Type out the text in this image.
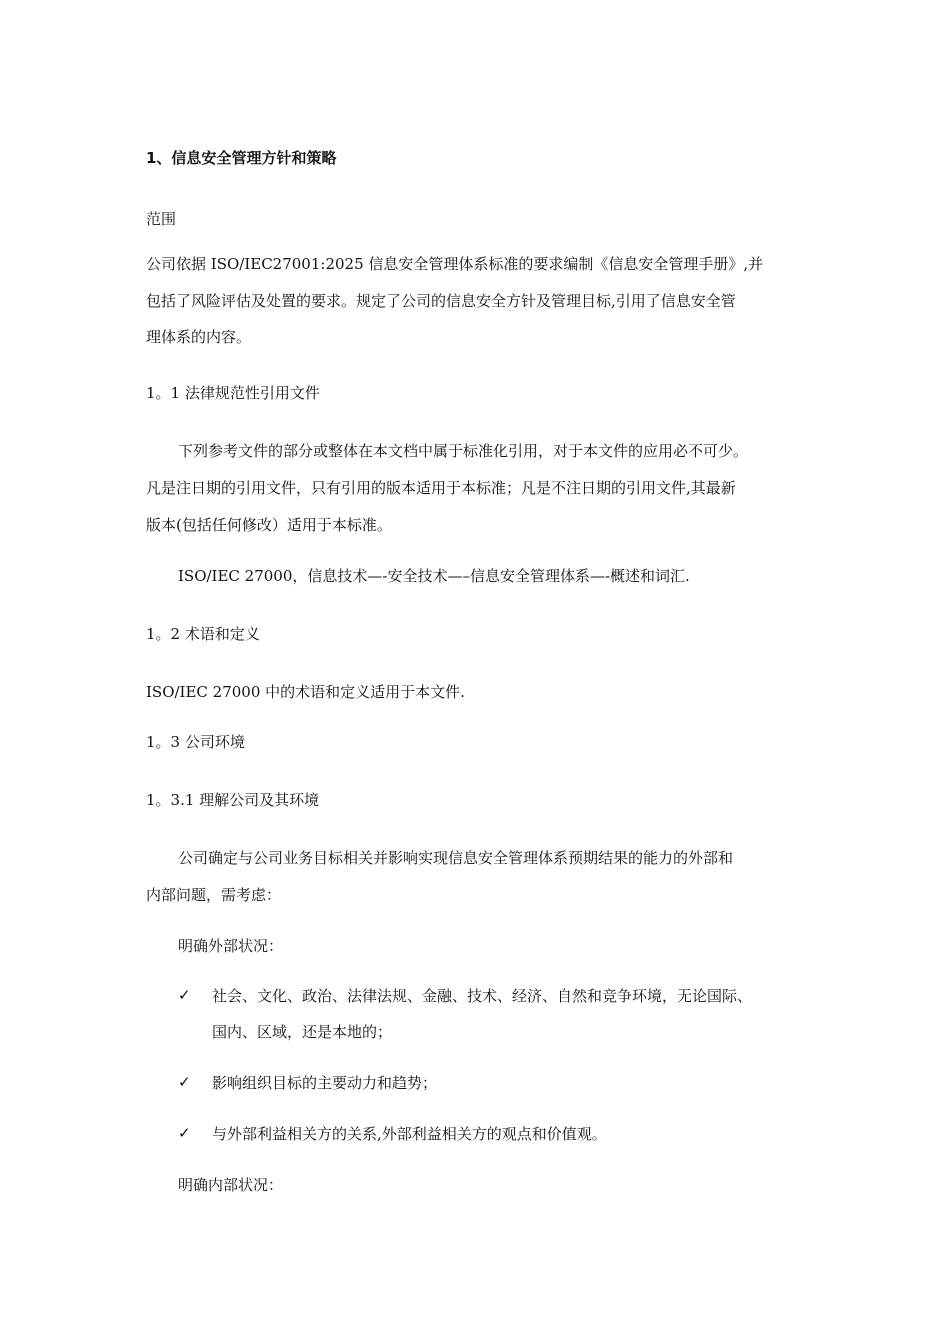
1、信息安全管理方针和策略
范围
公司依据 ISO/IEC27001:2025 信息安全管理体系标准的要求编制《信息安全管理手册》,并
包括了风险评估及处置的要求。规定了公司的信息安全方针及管理目标,引用了信息安全管
理体系的内容。
1。1 法律规范性引用文件
下列参考文件的部分或整体在本文档中属于标准化引用，对于本文件的应用必不可少。
凡是注日期的引用文件，只有引用的版本适用于本标准；凡是不注日期的引用文件,其最新
版本(包括任何修改）适用于本标准。
ISO/IEC 27000，信息技术—-安全技术—–信息安全管理体系—-概述和词汇.
1。2 术语和定义
ISO/IEC 27000 中的术语和定义适用于本文件.
1。3 公司环境
1。3.1 理解公司及其环境
公司确定与公司业务目标相关并影响实现信息安全管理体系预期结果的能力的外部和
内部问题，需考虑：
明确外部状况：
✓ 社会、文化、政治、法律法规、金融、技术、经济、自然和竞争环境，无论国际、
国内、区域，还是本地的；
✓ 影响组织目标的主要动力和趋势；
✓ 与外部利益相关方的关系,外部利益相关方的观点和价值观。
明确内部状况：
